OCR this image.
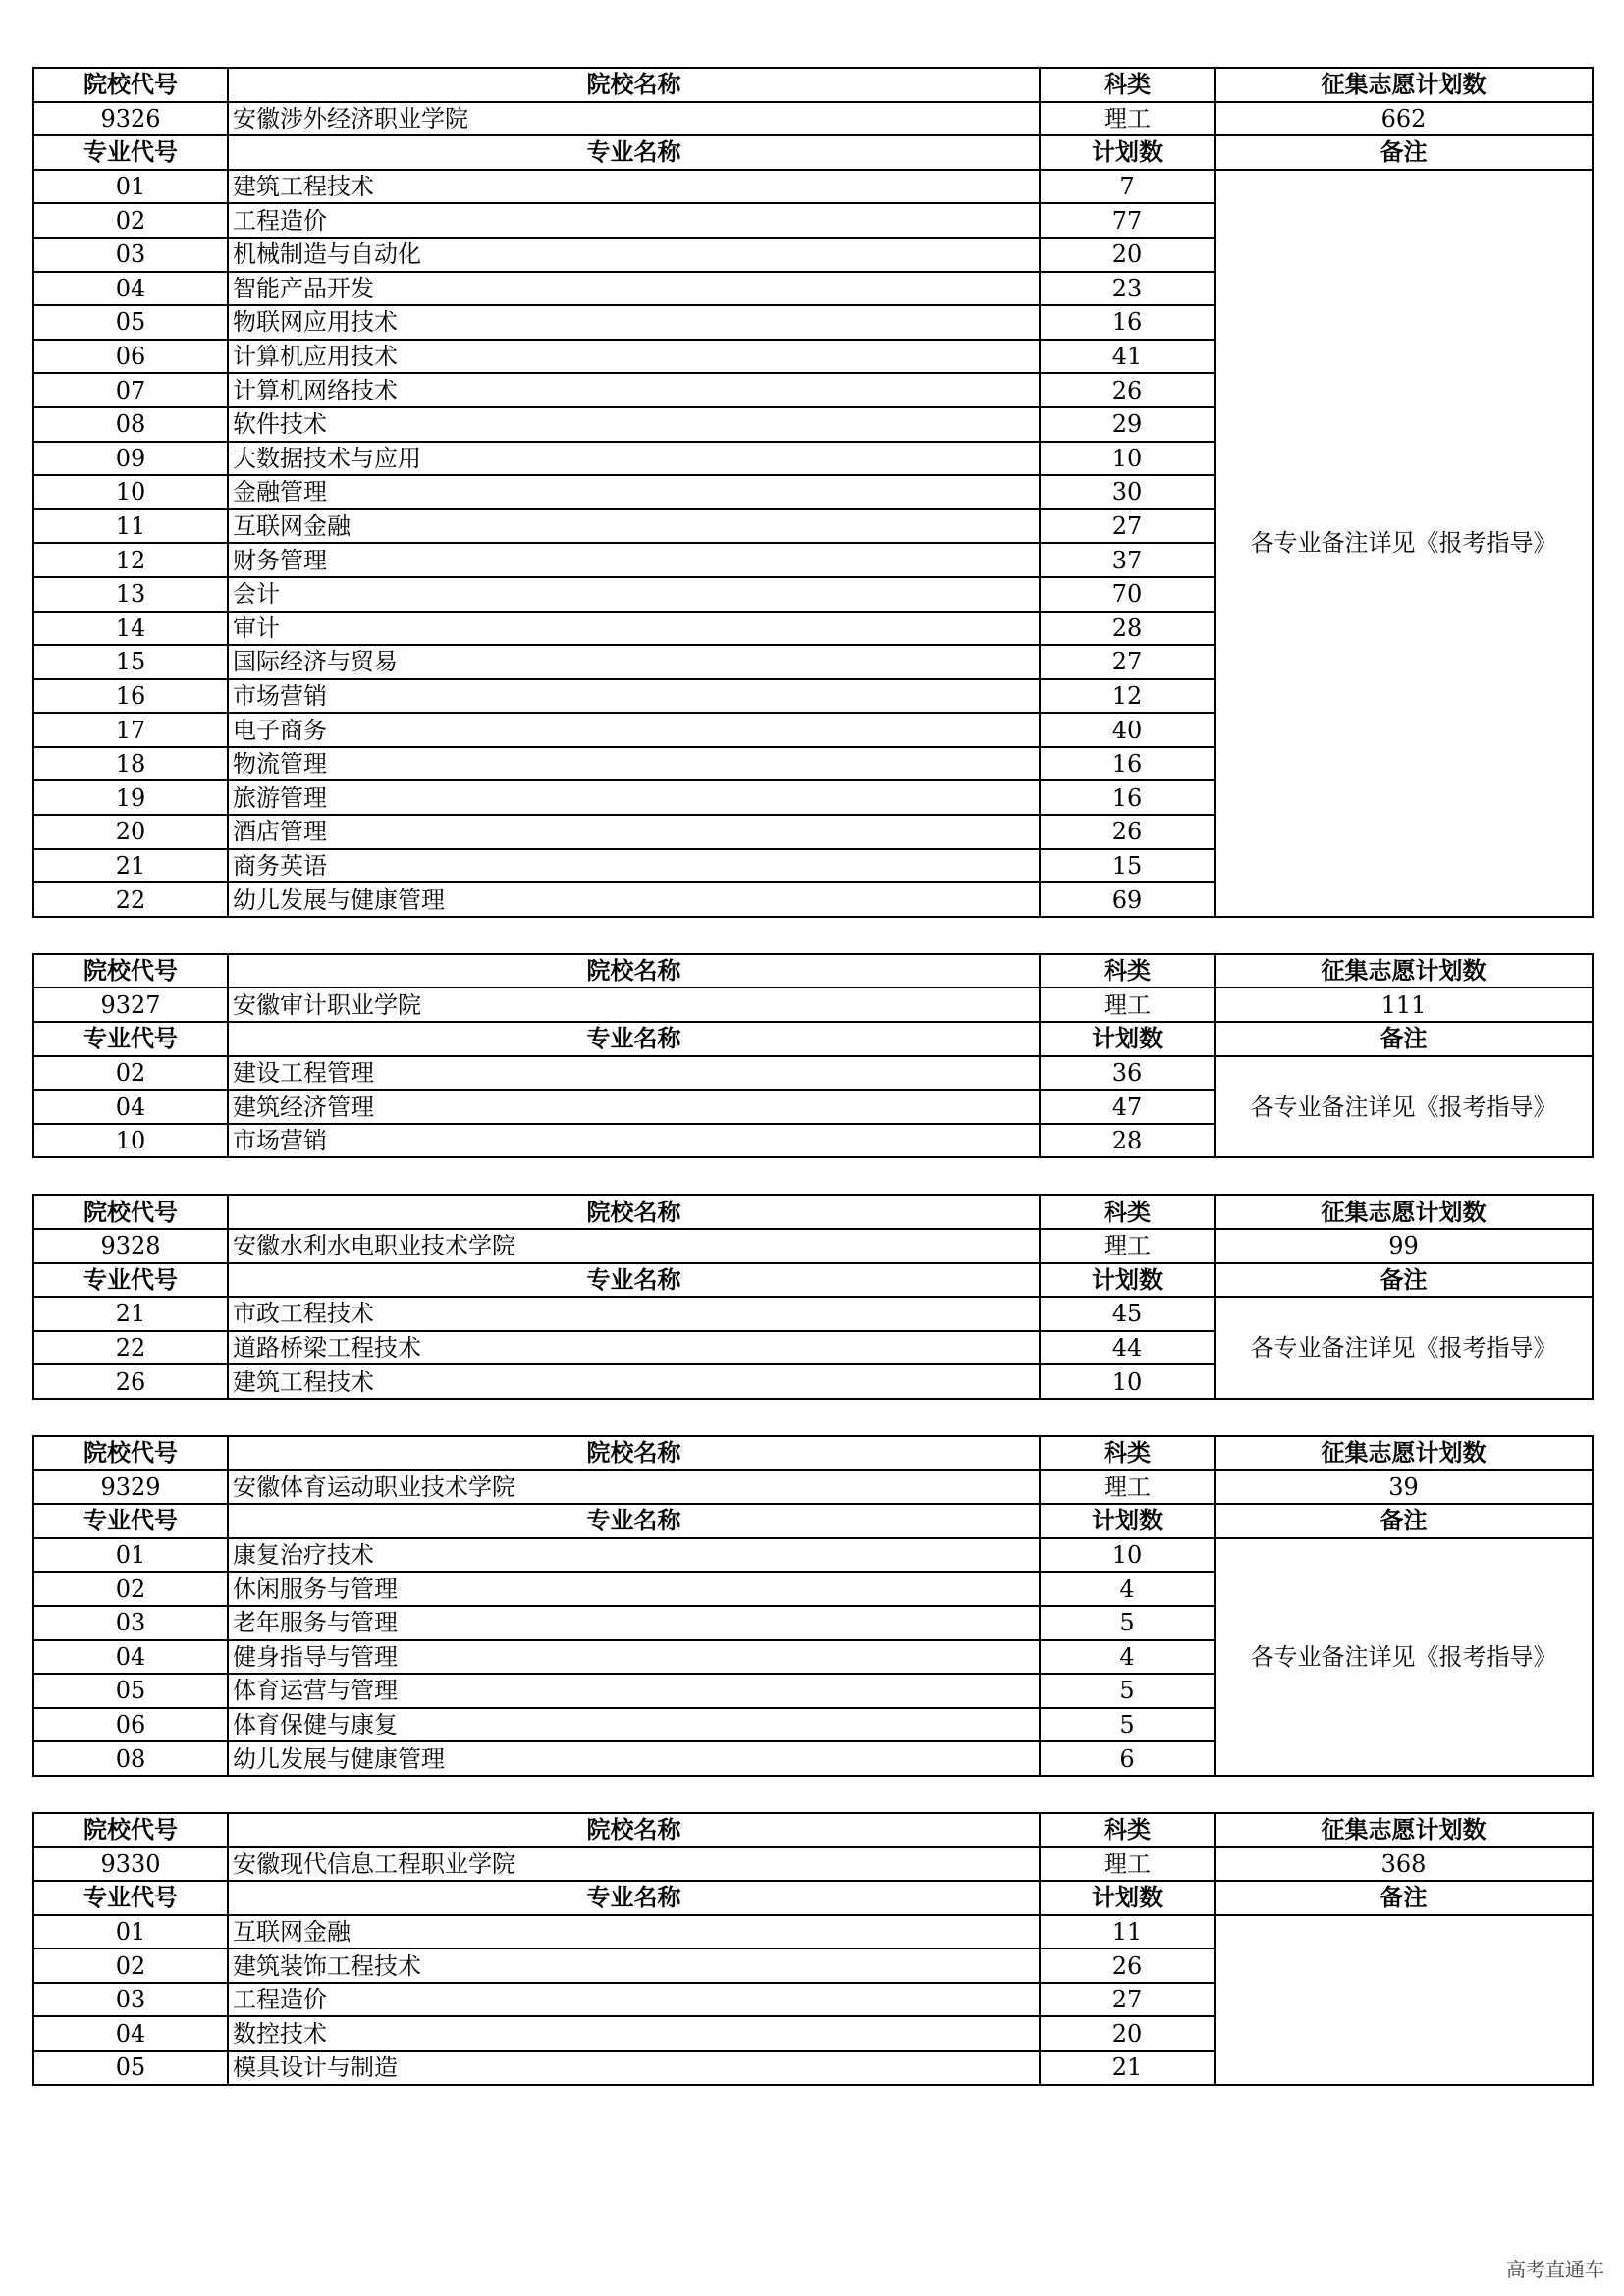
院校代号	院校名称	科类	征集志愿计划数
9326	安徽涉外经济职业学院	理工	662
专业代号	专业名称	计划数	备注
01	建筑工程技术	7	各专业备注详见《报考指导》
02	工程造价	77	
03	机械制造与自动化	20	
04	智能产品开发	23	
05	物联网应用技术	16	
06	计算机应用技术	41	
07	计算机网络技术	26	
08	软件技术	29	
09	大数据技术与应用	10	
10	金融管理	30	
11	互联网金融	27	
12	财务管理	37	
13	会计	70	
14	审计	28	
15	国际经济与贸易	27	
16	市场营销	12	
17	电子商务	40	
18	物流管理	16	
19	旅游管理	16	
20	酒店管理	26	
21	商务英语	15	
22	幼儿发展与健康管理	69	
院校代号	院校名称	科类	征集志愿计划数
9327	安徽审计职业学院	理工	111
专业代号	专业名称	计划数	备注
02	建设工程管理	36	各专业备注详见《报考指导》
04	建筑经济管理	47	
10	市场营销	28	
院校代号	院校名称	科类	征集志愿计划数
9328	安徽水利水电职业技术学院	理工	99
专业代号	专业名称	计划数	备注
21	市政工程技术	45	各专业备注详见《报考指导》
22	道路桥梁工程技术	44	
26	建筑工程技术	10	
院校代号	院校名称	科类	征集志愿计划数
9329	安徽体育运动职业技术学院	理工	39
专业代号	专业名称	计划数	备注
01	康复治疗技术	10	各专业备注详见《报考指导》
02	休闲服务与管理	4	
03	老年服务与管理	5	
04	健身指导与管理	4	
05	体育运营与管理	5	
06	体育保健与康复	5	
08	幼儿发展与健康管理	6	
院校代号	院校名称	科类	征集志愿计划数
9330	安徽现代信息工程职业学院	理工	368
专业代号	专业名称	计划数	备注
01	互联网金融	11	
02	建筑装饰工程技术	26	
03	工程造价	27	
04	数控技术	20	
05	模具设计与制造	21	
高考直通车
